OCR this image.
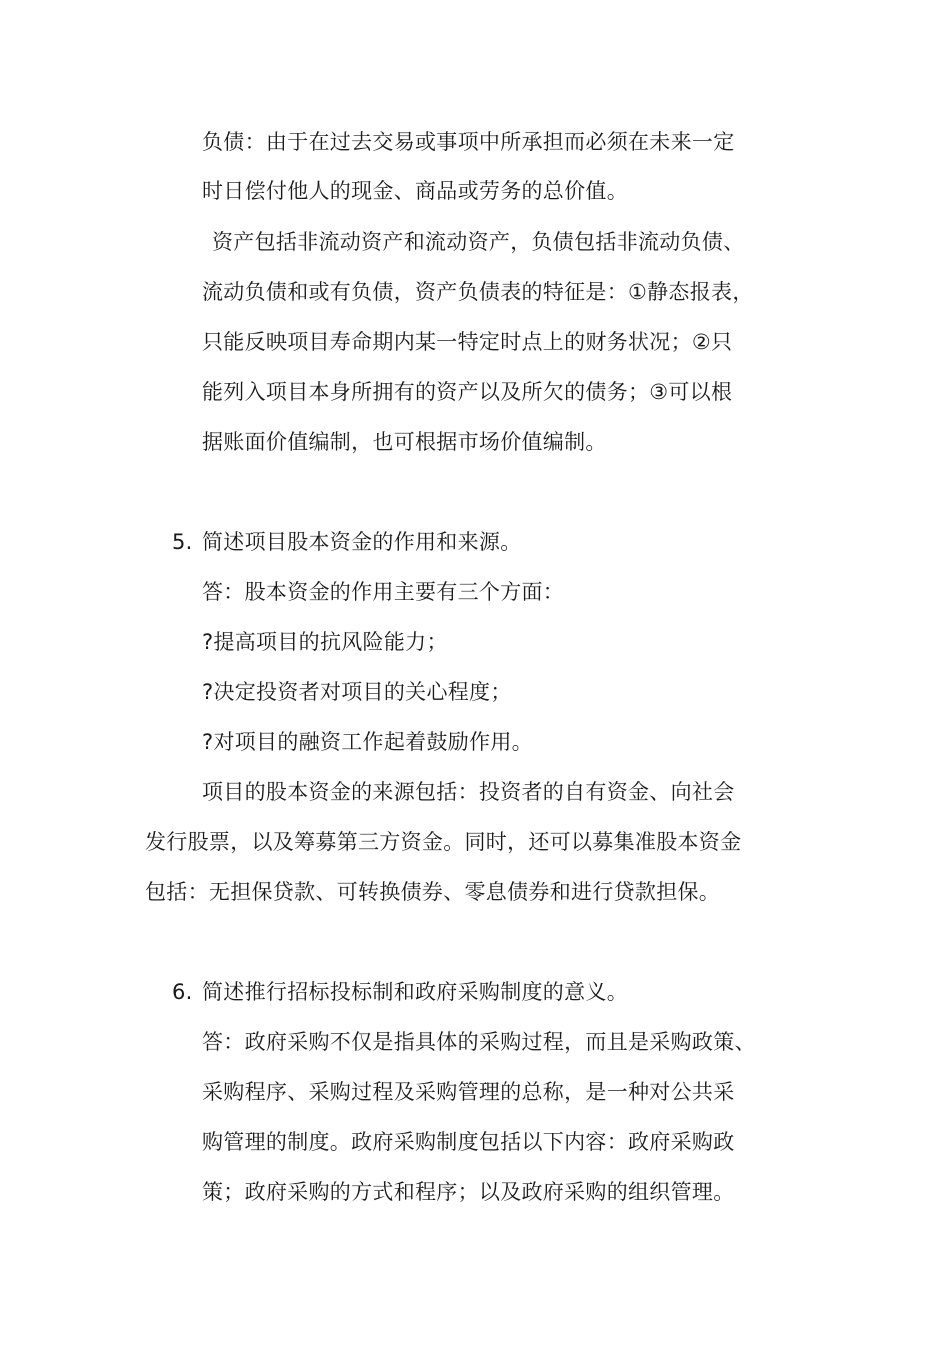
负债：由于在过去交易或事项中所承担而必须在未来一定
时日偿付他人的现金、商品或劳务的总价值。
资产包括非流动资产和流动资产，负债包括非流动负债、
流动负债和或有负债，资产负债表的特征是：①静态报表，
只能反映项目寿命期内某一特定时点上的财务状况；②只
能列入项目本身所拥有的资产以及所欠的债务；③可以根
据账面价值编制，也可根据市场价值编制。
5. 简述项目股本资金的作用和来源。
答：股本资金的作用主要有三个方面：
?提高项目的抗风险能力；
?决定投资者对项目的关心程度；
?对项目的融资工作起着鼓励作用。
项目的股本资金的来源包括：投资者的自有资金、向社会
发行股票，以及筹募第三方资金。同时，还可以募集准股本资金
包括：无担保贷款、可转换债券、零息债券和进行贷款担保。
6. 简述推行招标投标制和政府采购制度的意义。
答：政府采购不仅是指具体的采购过程，而且是采购政策、
采购程序、采购过程及采购管理的总称，是一种对公共采
购管理的制度。政府采购制度包括以下内容：政府采购政
策；政府采购的方式和程序；以及政府采购的组织管理。
